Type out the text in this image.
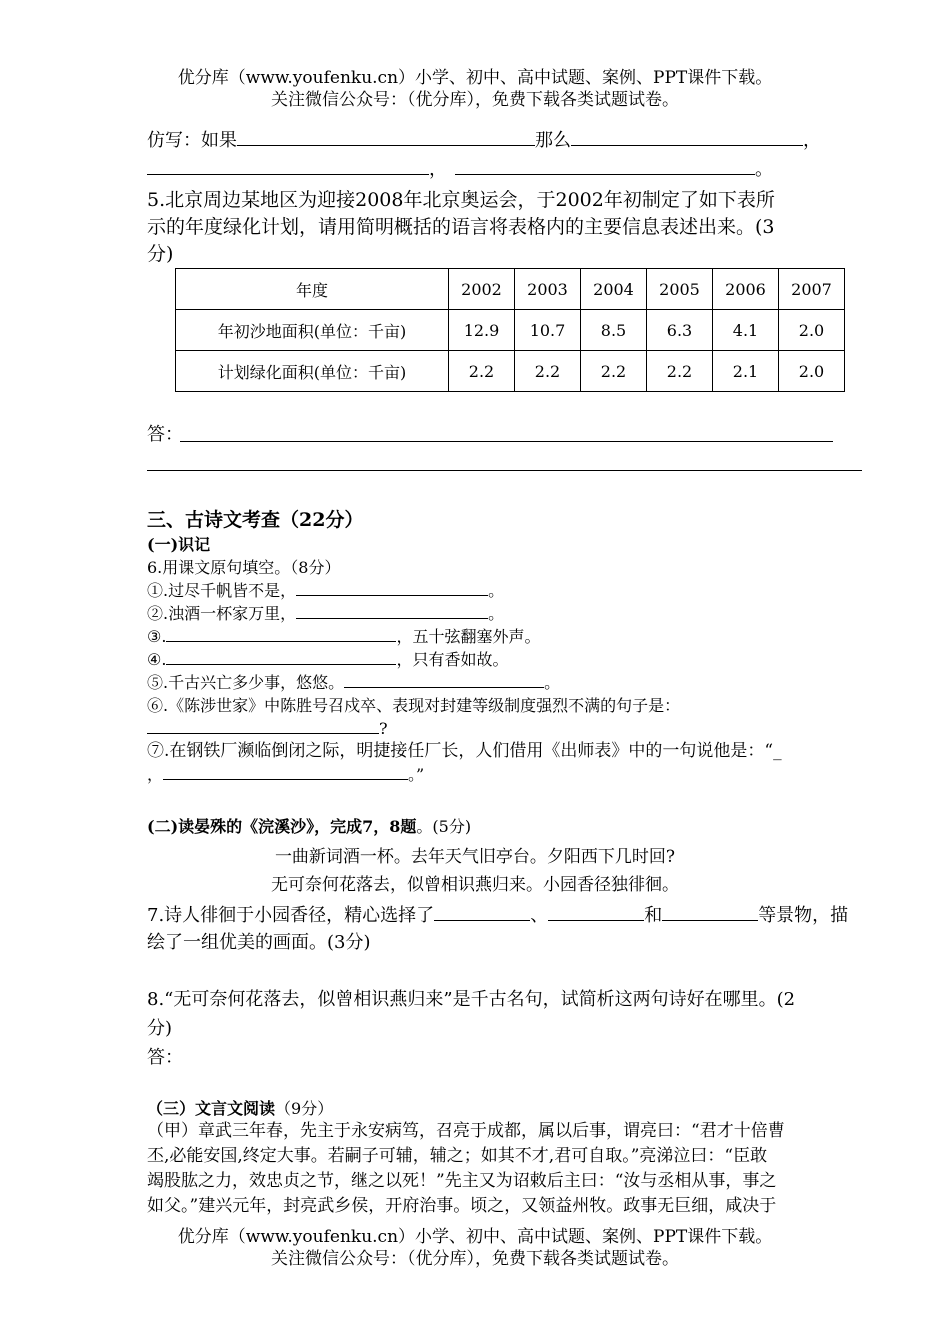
优分库（www.youfenku.cn）小学、初中、高中试题、案例、PPT课件下载。
关注微信公众号：（优分库），免费下载各类试题试卷。
仿写：如果	那么	，
，	。
5.北京周边某地区为迎接2008年北京奥运会，于2002年初制定了如下表所
示的年度绿化计划，请用简明概括的语言将表格内的主要信息表述出来。(3
分)
年度	2002	2003	2004	2005	2006	2007
年初沙地面积(单位：千亩)	12.9	10.7	8.5	6.3	4.1	2.0
计划绿化面积(单位：千亩)	2.2	2.2	2.2	2.2	2.1	2.0
答：
三、古诗文考查（22分）
(一)识记
6.用课文原句填空。（8分）
①.过尽千帆皆不是，	。
②.浊酒一杯家万里，	。
③.	，五十弦翻塞外声。
④.	，只有香如故。
⑤.千古兴亡多少事，悠悠。	。
⑥.《陈涉世家》中陈胜号召戍卒、表现对封建等级制度强烈不满的句子是：
?
⑦.在钢铁厂濒临倒闭之际，明捷接任厂长，人们借用《出师表》中的一句说他是：“_
，	。”
(二)读晏殊的《浣溪沙》，完成7，8题。(5分)
一曲新词酒一杯。去年天气旧亭台。夕阳西下几时回?
无可奈何花落去，似曾相识燕归来。小园香径独徘徊。
7.诗人徘徊于小园香径，精心选择了	、	和	等景物，描
绘了一组优美的画面。(3分)
8.“无可奈何花落去，似曾相识燕归来”是千古名句，试简析这两句诗好在哪里。(2
分)
答：
（三）文言文阅读（9分）
（甲）章武三年春，先主于永安病笃，召亮于成都，属以后事，谓亮曰：“君才十倍曹
丕,必能安国,终定大事。若嗣子可辅，辅之；如其不才,君可自取。”亮涕泣曰：“臣敢
竭股肱之力，效忠贞之节，继之以死！”先主又为诏敕后主曰：“汝与丞相从事，事之
如父。”建兴元年，封亮武乡侯，开府治事。顷之，又领益州牧。政事无巨细，咸决于
优分库（www.youfenku.cn）小学、初中、高中试题、案例、PPT课件下载。
关注微信公众号：（优分库），免费下载各类试题试卷。
